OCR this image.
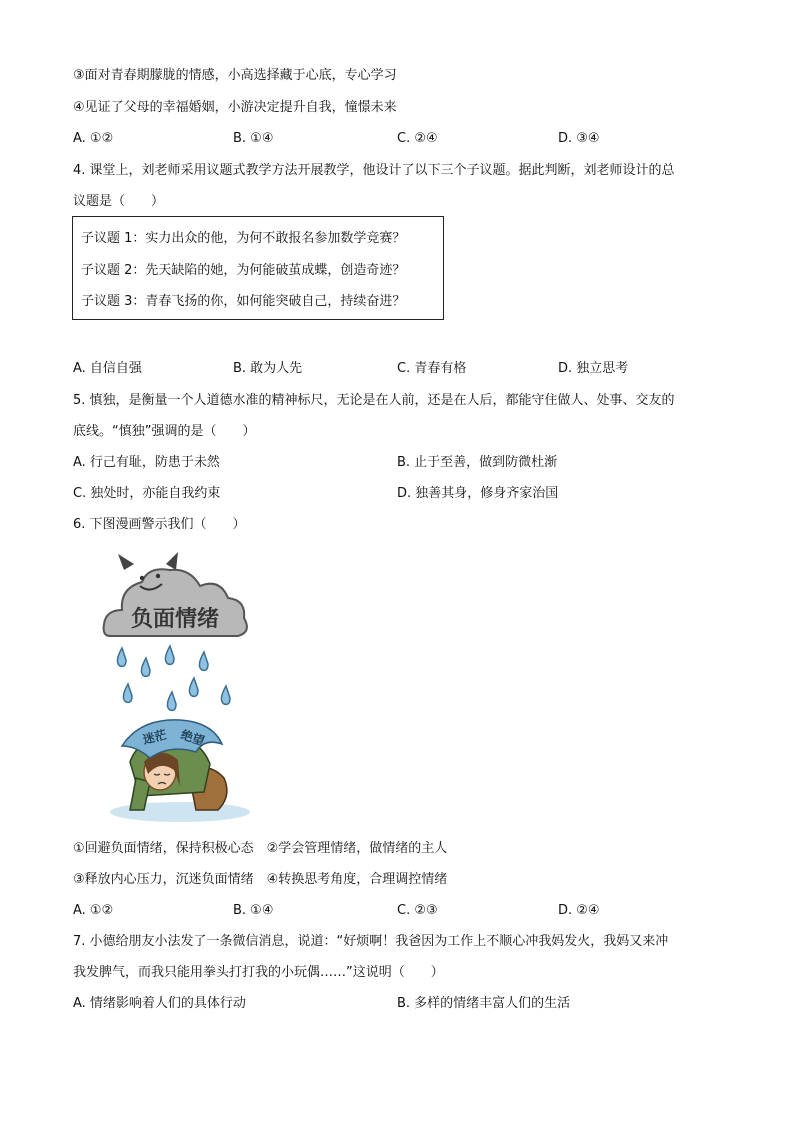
③面对青春期朦胧的情感，小高选择藏于心底，专心学习
④见证了父母的幸福婚姻，小游决定提升自我，憧憬未来
A. ①②	B. ①④	C. ②④	D. ③④
4. 课堂上，刘老师采用议题式教学方法开展教学，他设计了以下三个子议题。据此判断，刘老师设计的总
议题是（　　）
子议题 1：实力出众的他，为何不敢报名参加数学竞赛？
子议题 2：先天缺陷的她，为何能破茧成蝶，创造奇迹？
子议题 3：青春飞扬的你，如何能突破自己，持续奋进？
A. 自信自强	B. 敢为人先	C. 青春有格	D. 独立思考
5. 慎独，是衡量一个人道德水准的精神标尺，无论是在人前，还是在人后，都能守住做人、处事、交友的
底线。“慎独”强调的是（　　）
A. 行己有耻，防患于未然	B. 止于至善，做到防微杜渐
C. 独处时，亦能自我约束	D. 独善其身，修身齐家治国
6. 下图漫画警示我们（　　）
负面情绪
迷茫 绝望
①回避负面情绪，保持积极心态　②学会管理情绪，做情绪的主人
③释放内心压力，沉迷负面情绪　④转换思考角度，合理调控情绪
A. ①②	B. ①④	C. ②③	D. ②④
7. 小德给朋友小法发了一条微信消息，说道：“好烦啊！我爸因为工作上不顺心冲我妈发火，我妈又来冲
我发脾气，而我只能用拳头打打我的小玩偶……”这说明（　　）
A. 情绪影响着人们的具体行动	B. 多样的情绪丰富人们的生活
